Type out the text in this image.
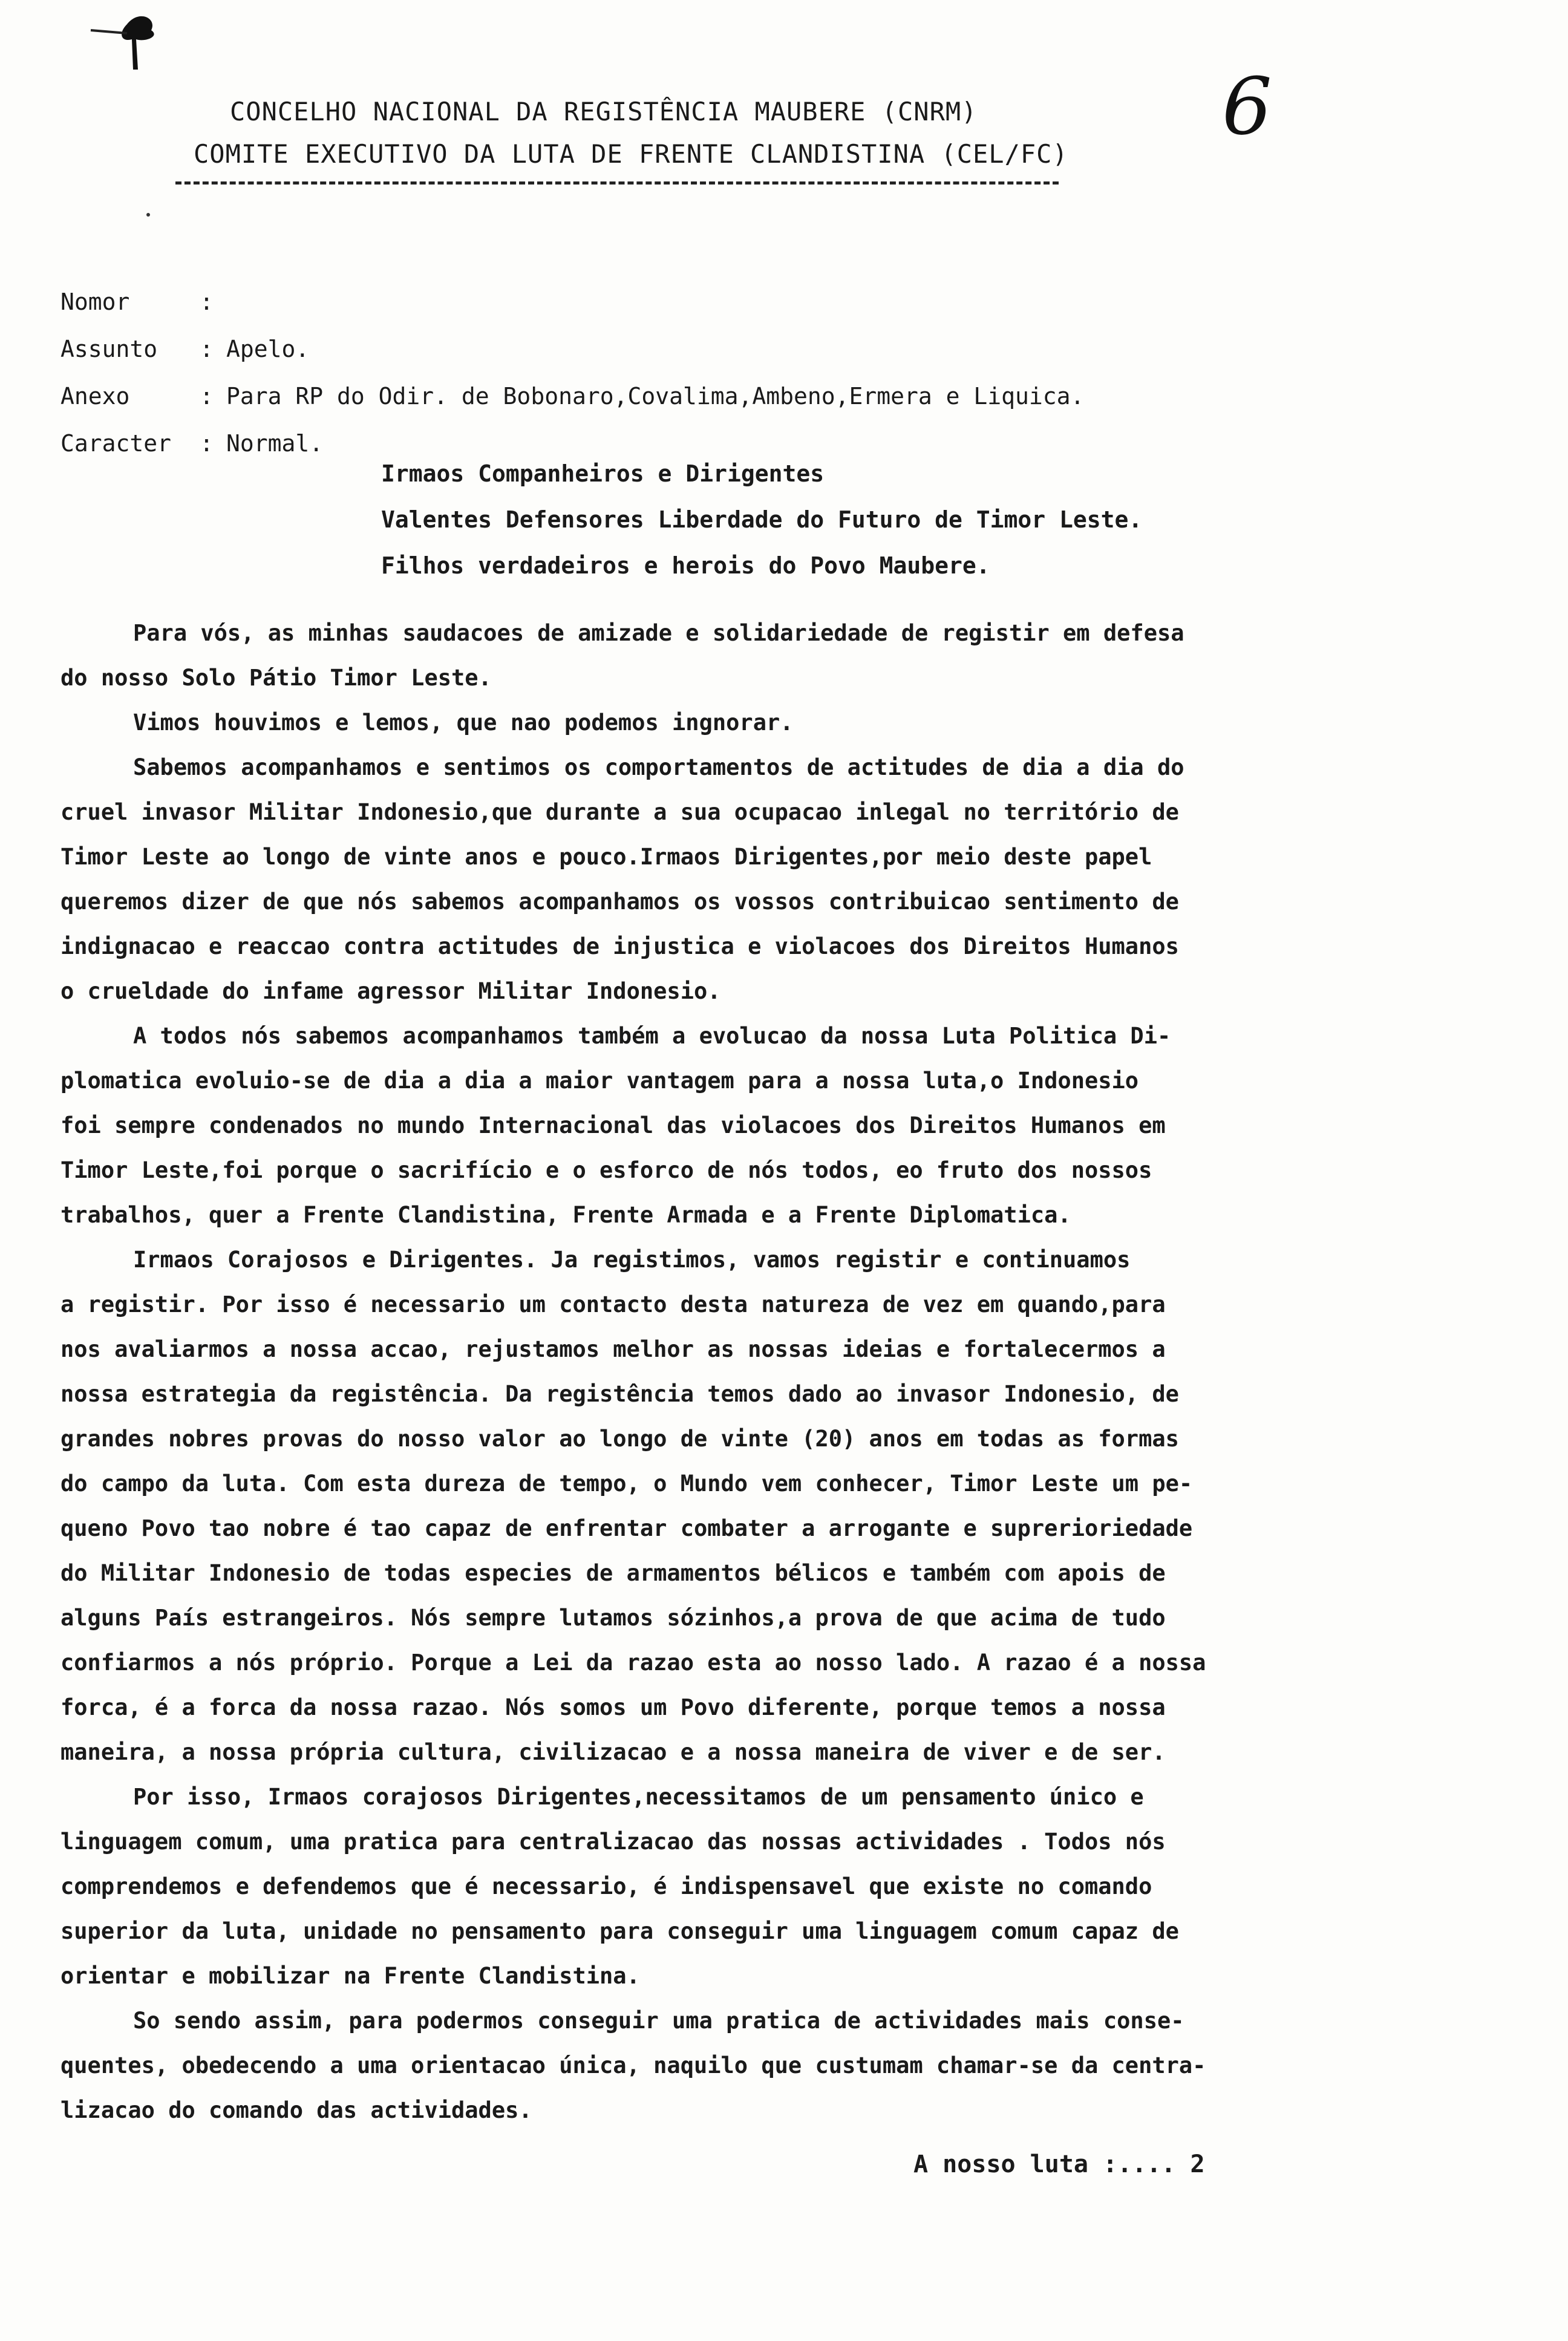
CONCELHO NACIONAL DA REGISTÊNCIA MAUBERE (CNRM)
COMITE EXECUTIVO DA LUTA DE FRENTE CLANDISTINA (CEL/FC)
6
Nomor	:
Assunto : Apelo.
Anexo	: Para RP do Odir. de Bobonaro,Covalima,Ambeno,Ermera e Liquica.
Caracter : Normal.
Irmaos Companheiros e Dirigentes
Valentes Defensores Liberdade do Futuro de Timor Leste.
Filhos verdadeiros e herois do Povo Maubere.

Para vós, as minhas saudacoes de amizade e solidariedade de registir em defesa

do nosso Solo Pátio Timor Leste.

Vimos houvimos e lemos, que nao podemos ingnorar.

Sabemos acompanhamos e sentimos os comportamentos de actitudes de dia a dia do

cruel invasor Militar Indonesio,que durante a sua ocupacao inlegal no território de

Timor Leste ao longo de vinte anos e pouco.Irmaos Dirigentes,por meio deste papel

queremos dizer de que nós sabemos acompanhamos os vossos contribuicao sentimento de

indignacao e reaccao contra actitudes de injustica e violacoes dos Direitos Humanos

o crueldade do infame agressor Militar Indonesio.

A todos nós sabemos acompanhamos também a evolucao da nossa Luta Politica Di-

plomatica evoluio-se de dia a dia a maior vantagem para a nossa luta,o Indonesio

foi sempre condenados no mundo Internacional das violacoes dos Direitos Humanos em

Timor Leste,foi porque o sacrifício e o esforco de nós todos, eo fruto dos nossos

trabalhos, quer a Frente Clandistina, Frente Armada e a Frente Diplomatica.

Irmaos Corajosos e Dirigentes. Ja registimos, vamos registir e continuamos

a registir. Por isso é necessario um contacto desta natureza de vez em quando,para

nos avaliarmos a nossa accao, rejustamos melhor as nossas ideias e fortalecermos a

nossa estrategia da registência. Da registência temos dado ao invasor Indonesio, de

grandes nobres provas do nosso valor ao longo de vinte (20) anos em todas as formas

do campo da luta. Com esta dureza de tempo, o Mundo vem conhecer, Timor Leste um pe-

queno Povo tao nobre é tao capaz de enfrentar combater a arrogante e suprerioriedade

do Militar Indonesio de todas especies de armamentos bélicos e também com apois de

alguns País estrangeiros. Nós sempre lutamos sózinhos,a prova de que acima de tudo

confiarmos a nós próprio. Porque a Lei da razao esta ao nosso lado. A razao é a nossa

forca, é a forca da nossa razao. Nós somos um Povo diferente, porque temos a nossa

maneira, a nossa própria cultura, civilizacao e a nossa maneira de viver e de ser.

Por isso, Irmaos corajosos Dirigentes,necessitamos de um pensamento único e

linguagem comum, uma pratica para centralizacao das nossas actividades . Todos nós

comprendemos e defendemos que é necessario, é indispensavel que existe no comando

superior da luta, unidade no pensamento para conseguir uma linguagem comum capaz de

orientar e mobilizar na Frente Clandistina.

So sendo assim, para podermos conseguir uma pratica de actividades mais conse-

quentes, obedecendo a uma orientacao única, naquilo que custumam chamar-se da centra-

lizacao do comando das actividades.

A nosso luta :.... 2
